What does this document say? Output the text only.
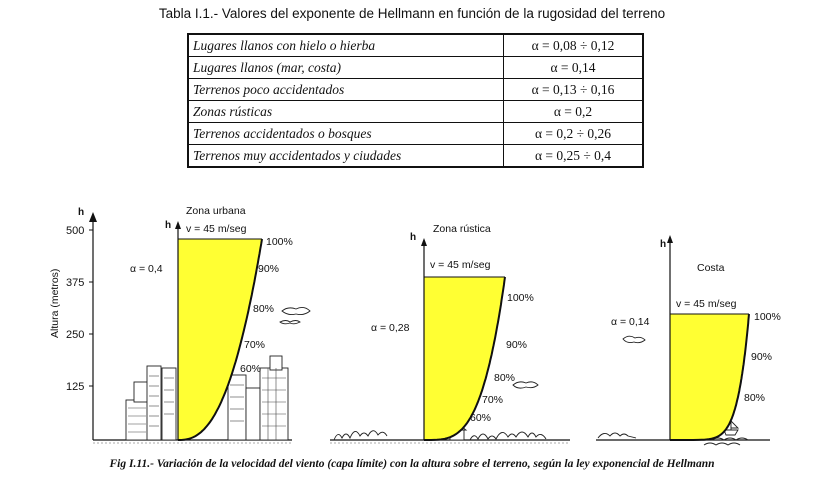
Tabla I.1.- Valores del exponente de Hellmann en función de la rugosidad del terreno
Lugares llanos con hielo o hierba	α = 0,08 ÷ 0,12
Lugares llanos (mar, costa)	α = 0,14
Terrenos poco accidentados	α = 0,13 ÷ 0,16
Zonas rústicas	α = 0,2
Terrenos accidentados o bosques	α = 0,2 ÷ 0,26
Terrenos muy accidentados y ciudades	α = 0,25 ÷ 0,4
h
500
375
250
125
Altura (metros)
h
Zona urbana
v = 45 m/seg
α = 0,4
100%
90%
80%
70%
60%
h
Zona rústica
v = 45 m/seg
α = 0,28
100%
90%
80%
70%
60%
h
Costa
v = 45 m/seg
α = 0,14	100%
90%
80%
Fig I.11.- Variación de la velocidad del viento (capa límite) con la altura sobre el terreno, según la ley exponencial de Hellmann
